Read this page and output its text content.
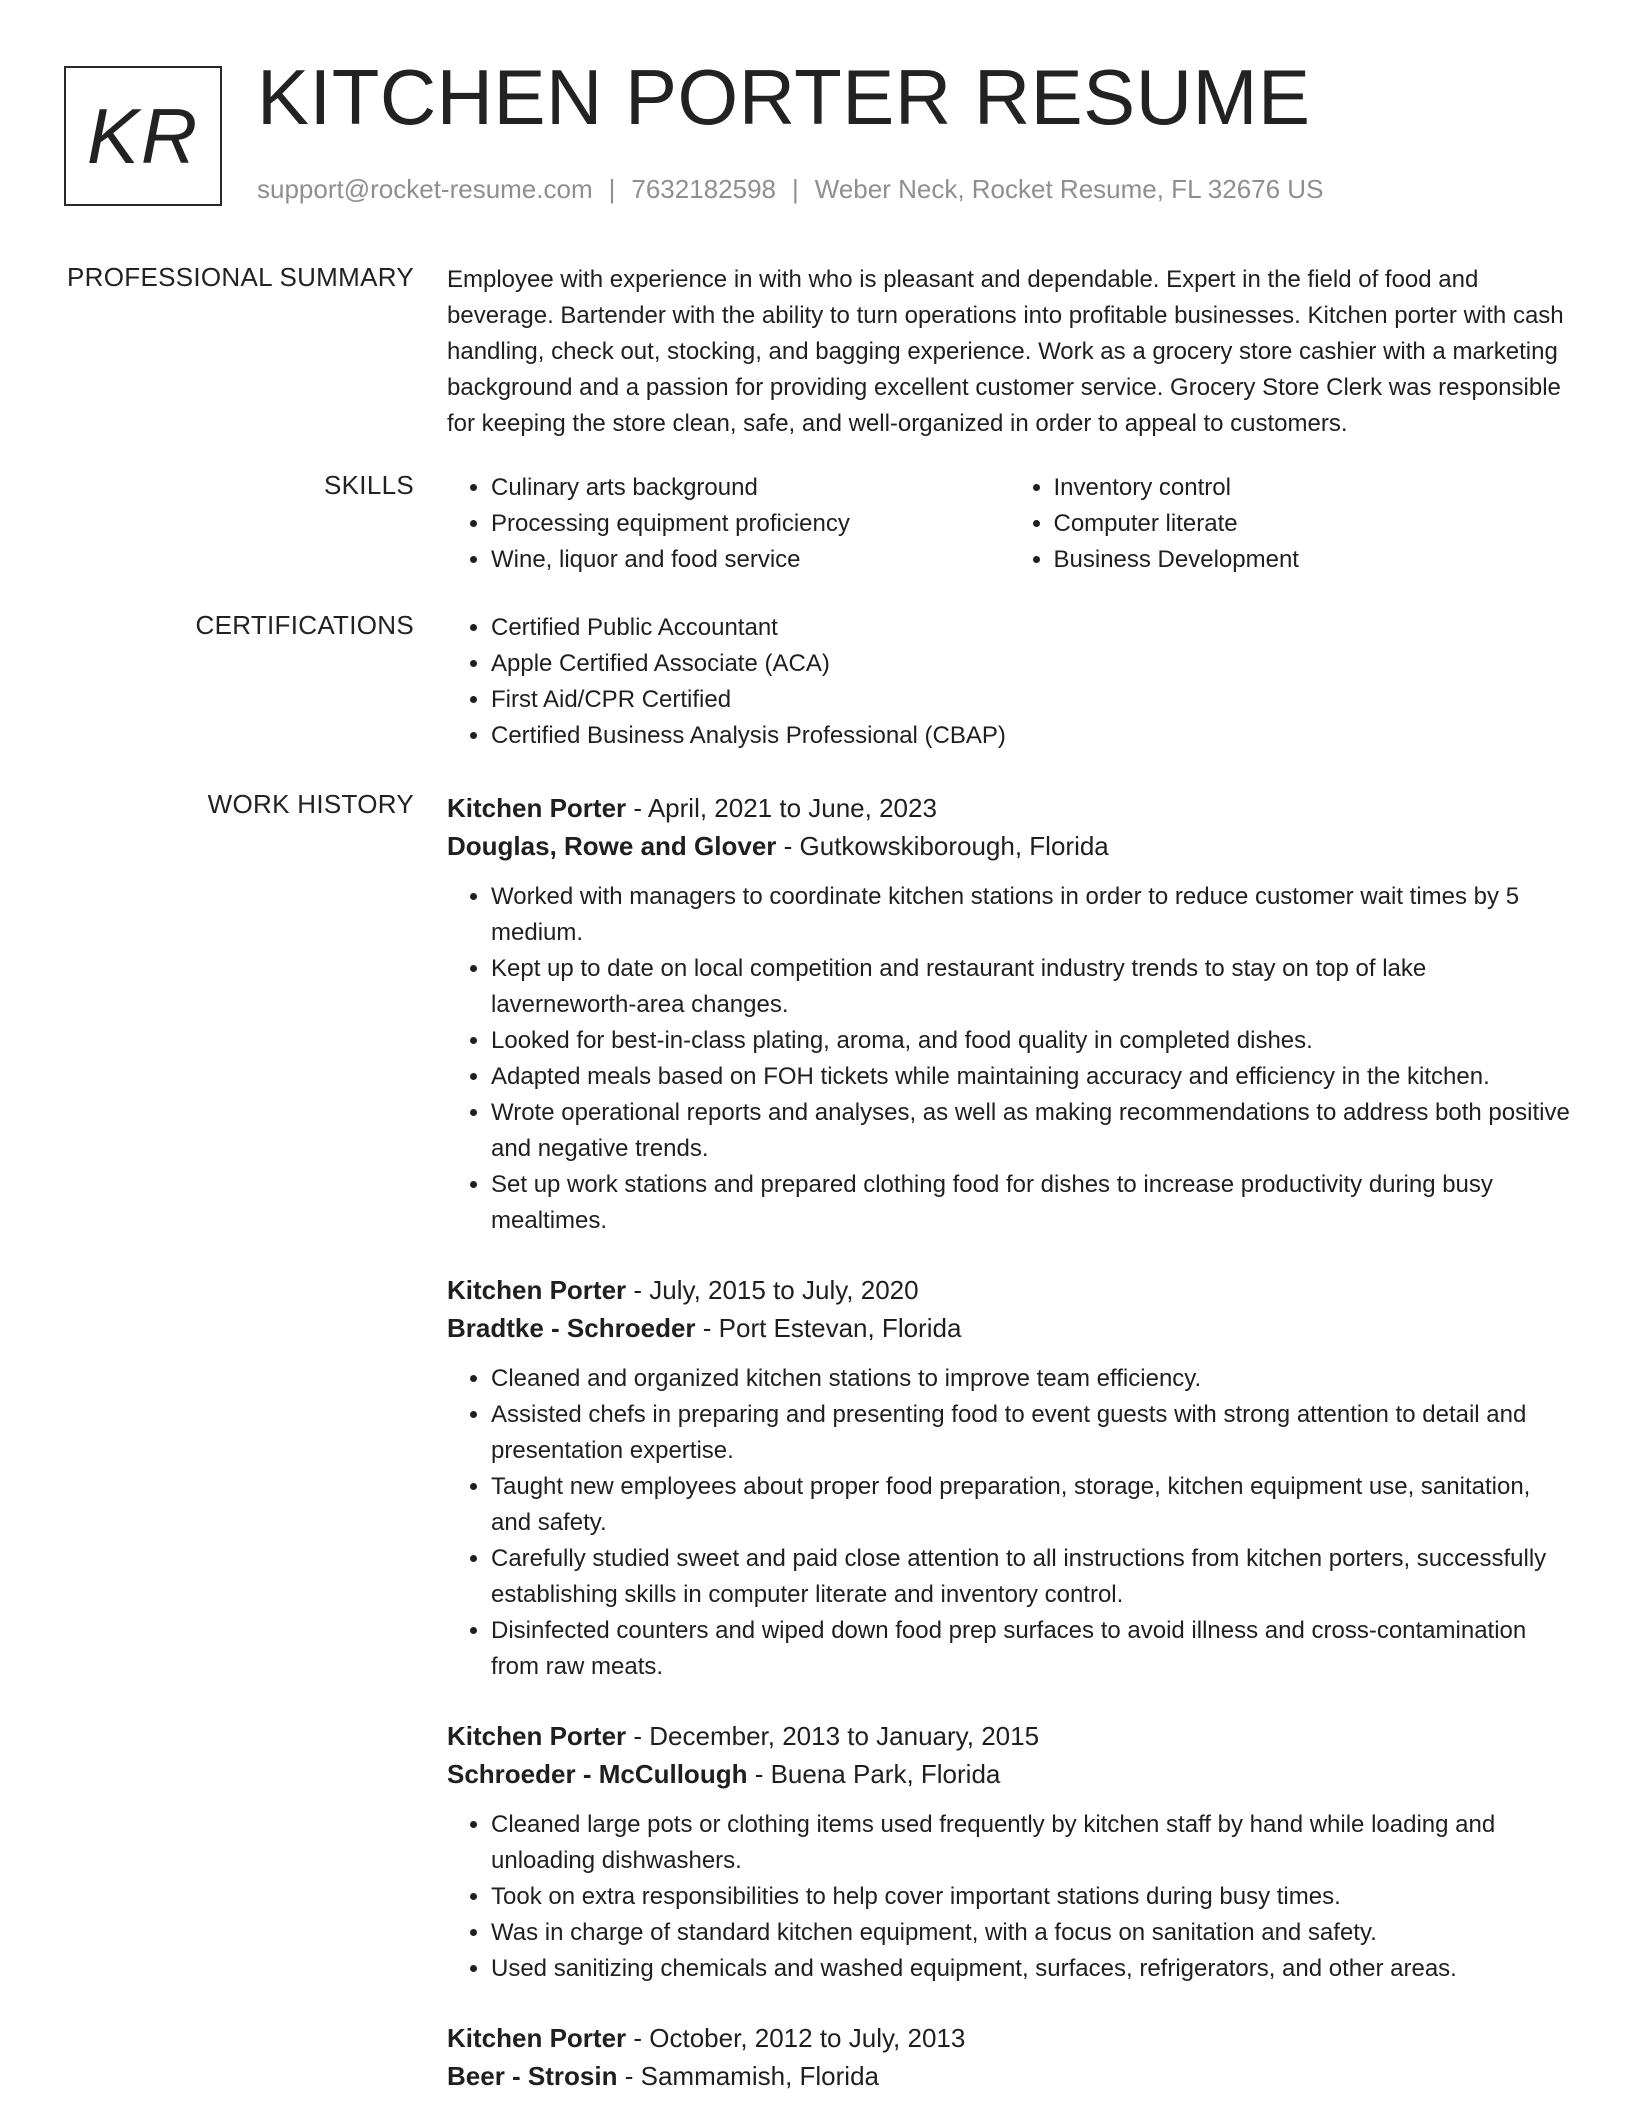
KR KITCHEN PORTER RESUME
support@rocket-resume.com | 7632182598 | Weber Neck, Rocket Resume, FL 32676 US
PROFESSIONAL SUMMARY Employee with experience in with who is pleasant and dependable. Expert in the field of food and beverage. Bartender with the ability to turn operations into profitable businesses. Kitchen porter with cash handling, check out, stocking, and bagging experience. Work as a grocery store cashier with a marketing background and a passion for providing excellent customer service. Grocery Store Clerk was responsible for keeping the store clean, safe, and well-organized in order to appeal to customers.
SKILLS	• Culinary arts background
• Processing equipment proficiency
• Wine, liquor and food service
• Inventory control
• Computer literate
• Business Development
CERTIFICATIONS	• Certified Public Accountant
• Apple Certified Associate (ACA)
• First Aid/CPR Certified
• Certified Business Analysis Professional (CBAP)
WORK HISTORY Kitchen Porter - April, 2021 to June, 2023
Douglas, Rowe and Glover - Gutkowskiborough, Florida
• Worked with managers to coordinate kitchen stations in order to reduce customer wait times by 5 medium.
• Kept up to date on local competition and restaurant industry trends to stay on top of lake laverneworth-area changes.
• Looked for best-in-class plating, aroma, and food quality in completed dishes.
• Adapted meals based on FOH tickets while maintaining accuracy and efficiency in the kitchen.
• Wrote operational reports and analyses, as well as making recommendations to address both positive and negative trends.
• Set up work stations and prepared clothing food for dishes to increase productivity during busy mealtimes.
Kitchen Porter - July, 2015 to July, 2020
Bradtke - Schroeder - Port Estevan, Florida
• Cleaned and organized kitchen stations to improve team efficiency.
• Assisted chefs in preparing and presenting food to event guests with strong attention to detail and presentation expertise.
• Taught new employees about proper food preparation, storage, kitchen equipment use, sanitation, and safety.
• Carefully studied sweet and paid close attention to all instructions from kitchen porters, successfully establishing skills in computer literate and inventory control.
• Disinfected counters and wiped down food prep surfaces to avoid illness and cross-contamination from raw meats.
Kitchen Porter - December, 2013 to January, 2015
Schroeder - McCullough - Buena Park, Florida
• Cleaned large pots or clothing items used frequently by kitchen staff by hand while loading and unloading dishwashers.
• Took on extra responsibilities to help cover important stations during busy times.
• Was in charge of standard kitchen equipment, with a focus on sanitation and safety.
• Used sanitizing chemicals and washed equipment, surfaces, refrigerators, and other areas.
Kitchen Porter - October, 2012 to July, 2013
Beer - Strosin - Sammamish, Florida
